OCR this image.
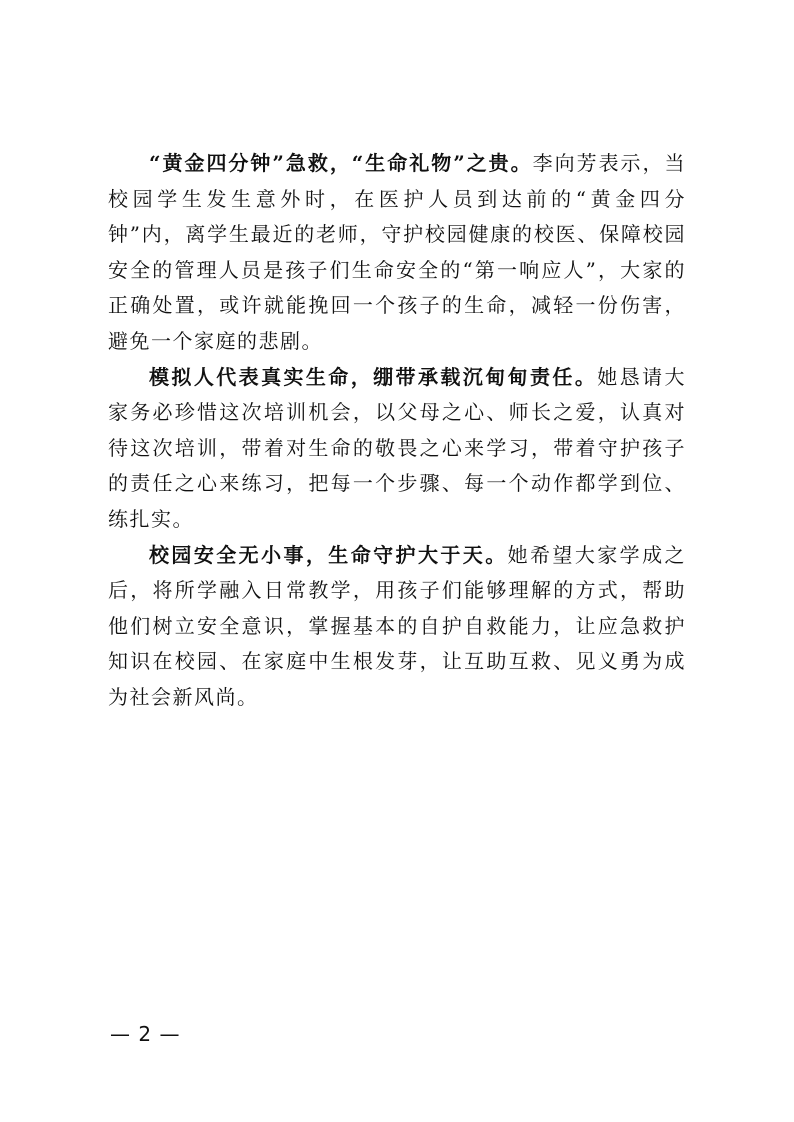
“黄金四分钟”急救，“生命礼物”之贵。李向芳表示，当校园学生发生意外时，在医护人员到达前的“黄金四分钟”内，离学生最近的老师，守护校园健康的校医、保障校园安全的管理人员是孩子们生命安全的“第一响应人”，大家的正确处置，或许就能挽回一个孩子的生命，减轻一份伤害，避免一个家庭的悲剧。

模拟人代表真实生命，绷带承载沉甸甸责任。她恳请大家务必珍惜这次培训机会，以父母之心、师长之爱，认真对待这次培训，带着对生命的敬畏之心来学习，带着守护孩子的责任之心来练习，把每一个步骤、每一个动作都学到位、练扎实。

校园安全无小事，生命守护大于天。她希望大家学成之后，将所学融入日常教学，用孩子们能够理解的方式，帮助他们树立安全意识，掌握基本的自护自救能力，让应急救护知识在校园、在家庭中生根发芽，让互助互救、见义勇为成为社会新风尚。

— 2 —
